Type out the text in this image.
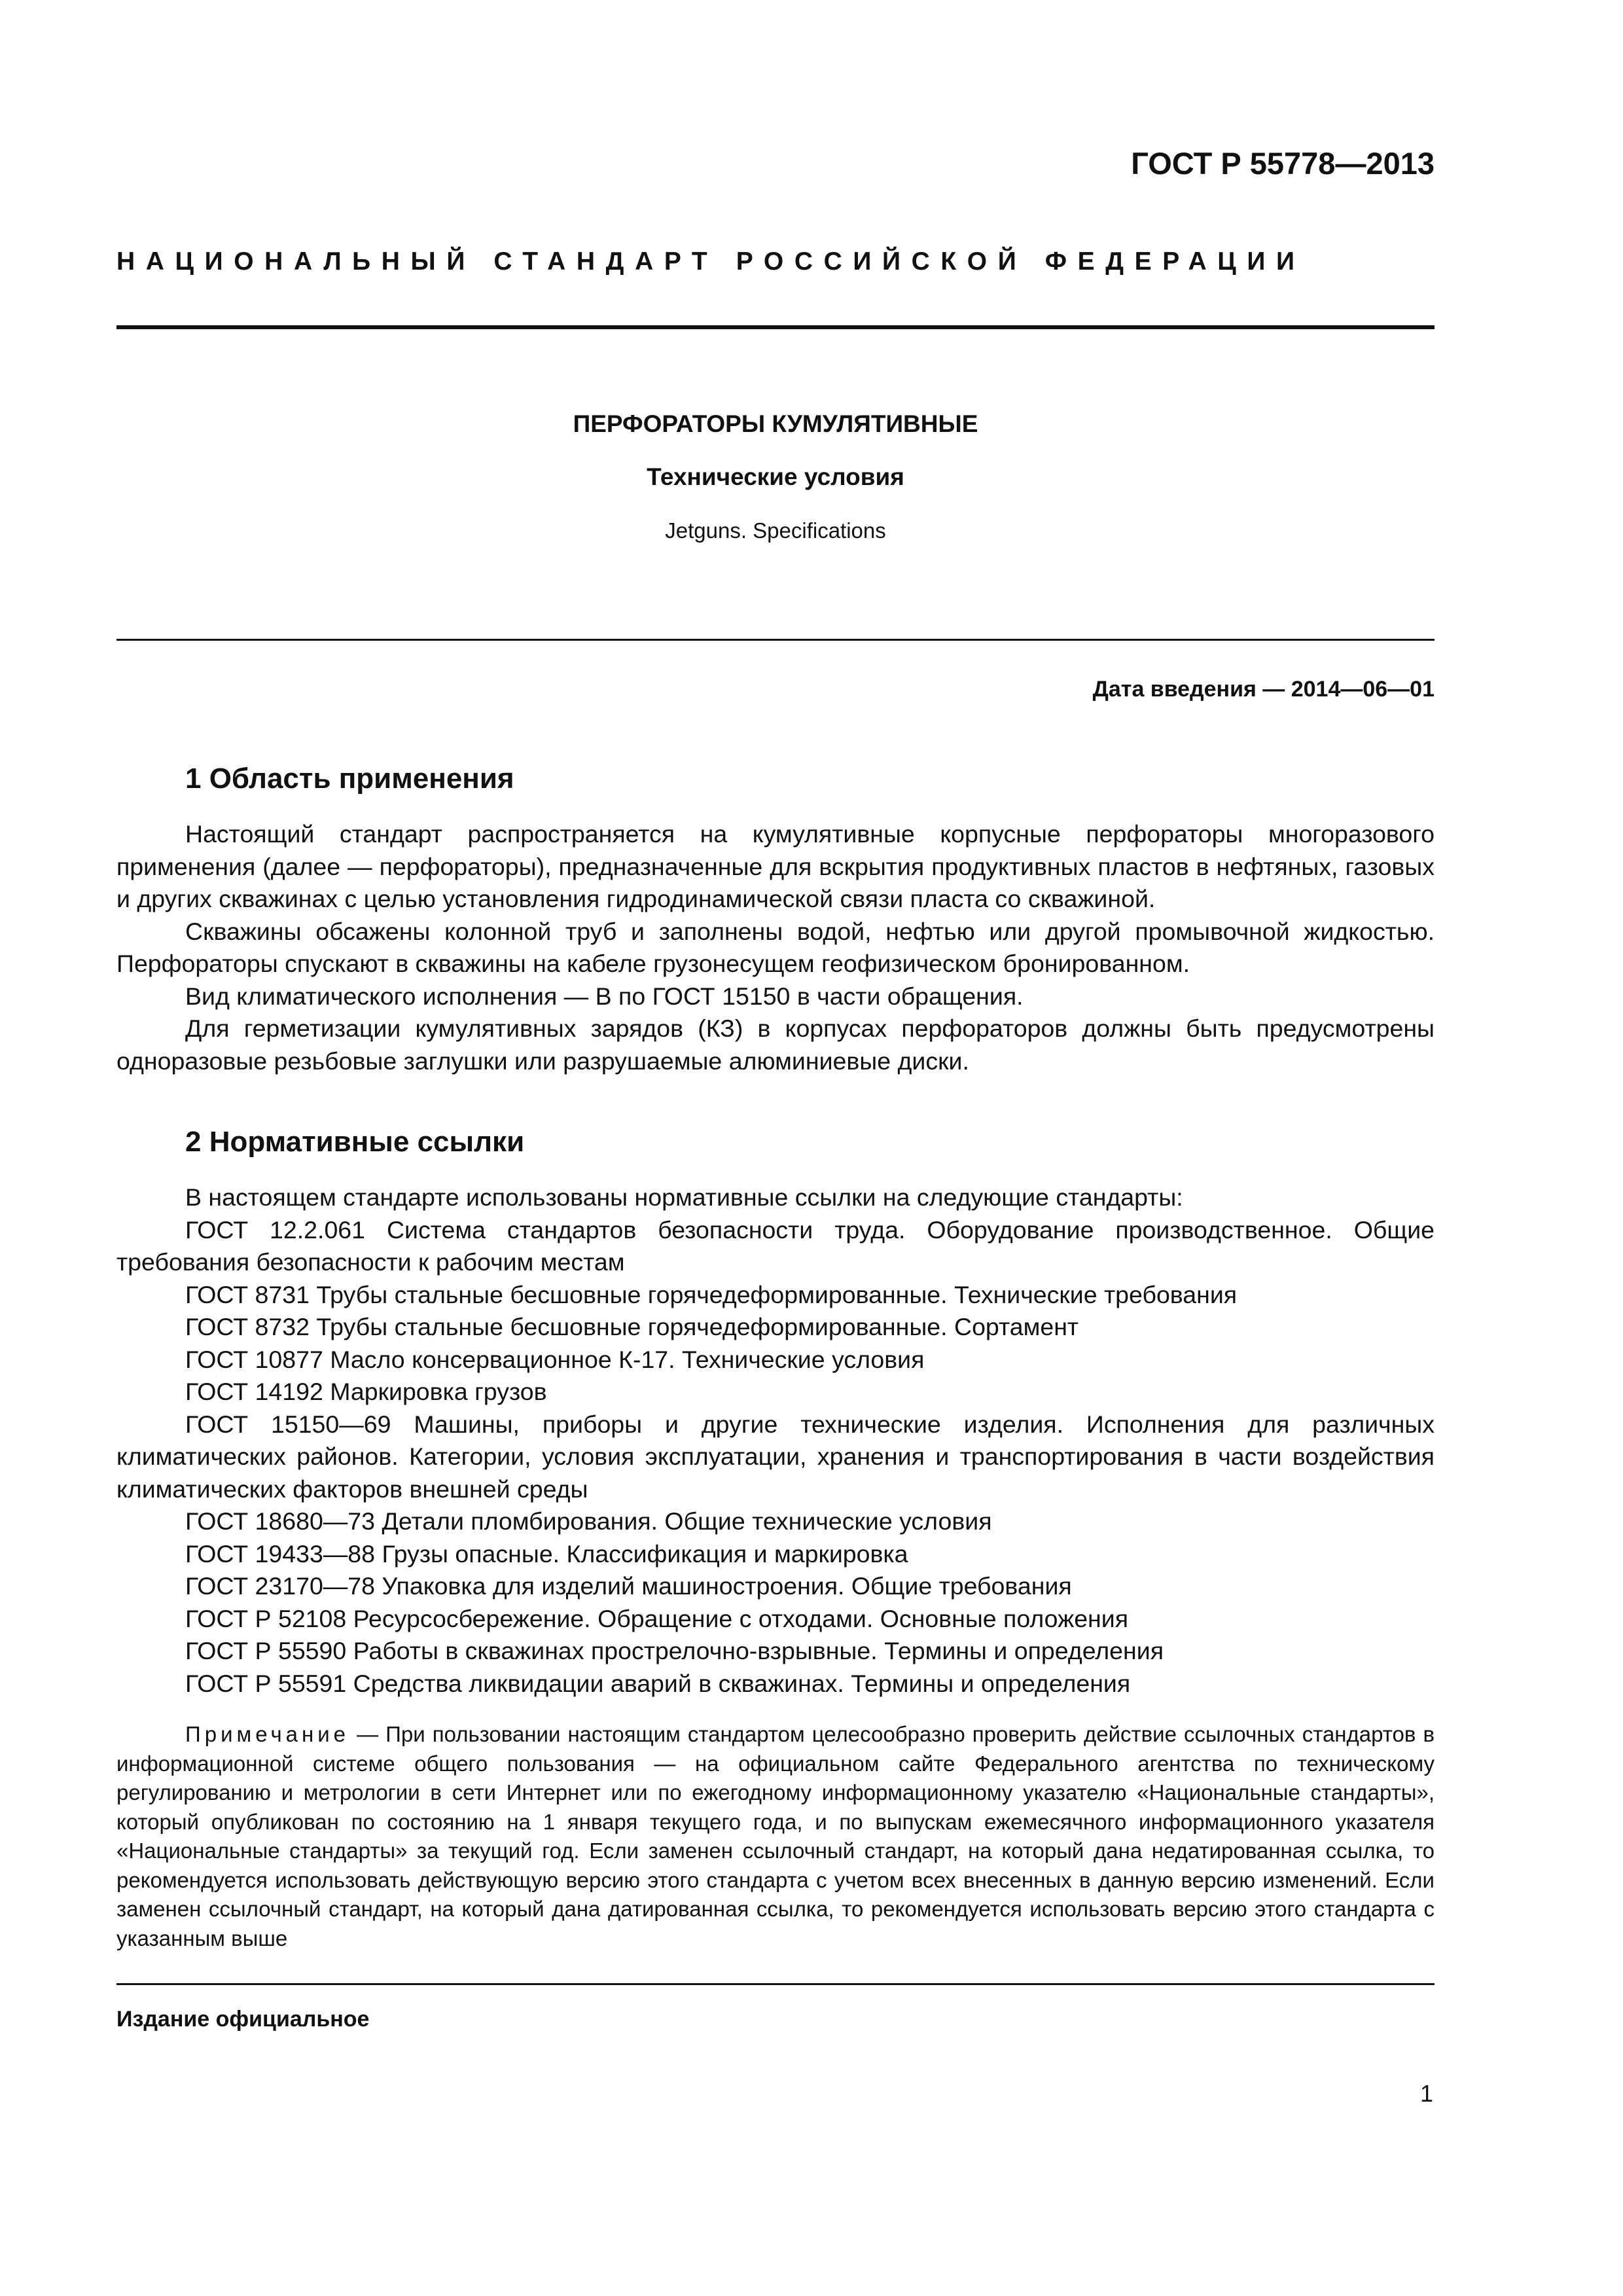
ГОСТ Р 55778—2013
НАЦИОНАЛЬНЫЙ СТАНДАРТ РОССИЙСКОЙ ФЕДЕРАЦИИ
ПЕРФОРАТОРЫ КУМУЛЯТИВНЫЕ
Технические условия
Jetguns. Specifications
Дата введения — 2014—06—01
1 Область применения

Настоящий стандарт распространяется на кумулятивные корпусные перфораторы многоразового применения (далее — перфораторы), предназначенные для вскрытия продуктивных пластов в нефтяных, газовых и других скважинах с целью установления гидродинамической связи пласта со скважиной.

Скважины обсажены колонной труб и заполнены водой, нефтью или другой промывочной жидкостью. Перфораторы спускают в скважины на кабеле грузонесущем геофизическом бронированном.

Вид климатического исполнения — В по ГОСТ 15150 в части обращения.

Для герметизации кумулятивных зарядов (КЗ) в корпусах перфораторов должны быть предусмотрены одноразовые резьбовые заглушки или разрушаемые алюминиевые диски.

2 Нормативные ссылки

В настоящем стандарте использованы нормативные ссылки на следующие стандарты:

ГОСТ 12.2.061 Система стандартов безопасности труда. Оборудование производственное. Общие требования безопасности к рабочим местам

ГОСТ 8731 Трубы стальные бесшовные горячедеформированные. Технические требования

ГОСТ 8732 Трубы стальные бесшовные горячедеформированные. Сортамент

ГОСТ 10877 Масло консервационное К-17. Технические условия

ГОСТ 14192 Маркировка грузов

ГОСТ 15150—69 Машины, приборы и другие технические изделия. Исполнения для различных климатических районов. Категории, условия эксплуатации, хранения и транспортирования в части воздействия климатических факторов внешней среды

ГОСТ 18680—73 Детали пломбирования. Общие технические условия

ГОСТ 19433—88 Грузы опасные. Классификация и маркировка

ГОСТ 23170—78 Упаковка для изделий машиностроения. Общие требования

ГОСТ Р 52108 Ресурсосбережение. Обращение с отходами. Основные положения

ГОСТ Р 55590 Работы в скважинах прострелочно-взрывные. Термины и определения

ГОСТ Р 55591 Средства ликвидации аварий в скважинах. Термины и определения

Примечание — При пользовании настоящим стандартом целесообразно проверить действие ссылочных стандартов в информационной системе общего пользования — на официальном сайте Федерального агентства по техническому регулированию и метрологии в сети Интернет или по ежегодному информационному указателю «Национальные стандарты», который опубликован по состоянию на 1 января текущего года, и по выпускам ежемесячного информационного указателя «Национальные стандарты» за текущий год. Если заменен ссылочный стандарт, на который дана недатированная ссылка, то рекомендуется использовать действующую версию этого стандарта с учетом всех внесенных в данную версию изменений. Если заменен ссылочный стандарт, на который дана датированная ссылка, то рекомендуется использовать версию этого стандарта с указанным выше

Издание официальное
1
